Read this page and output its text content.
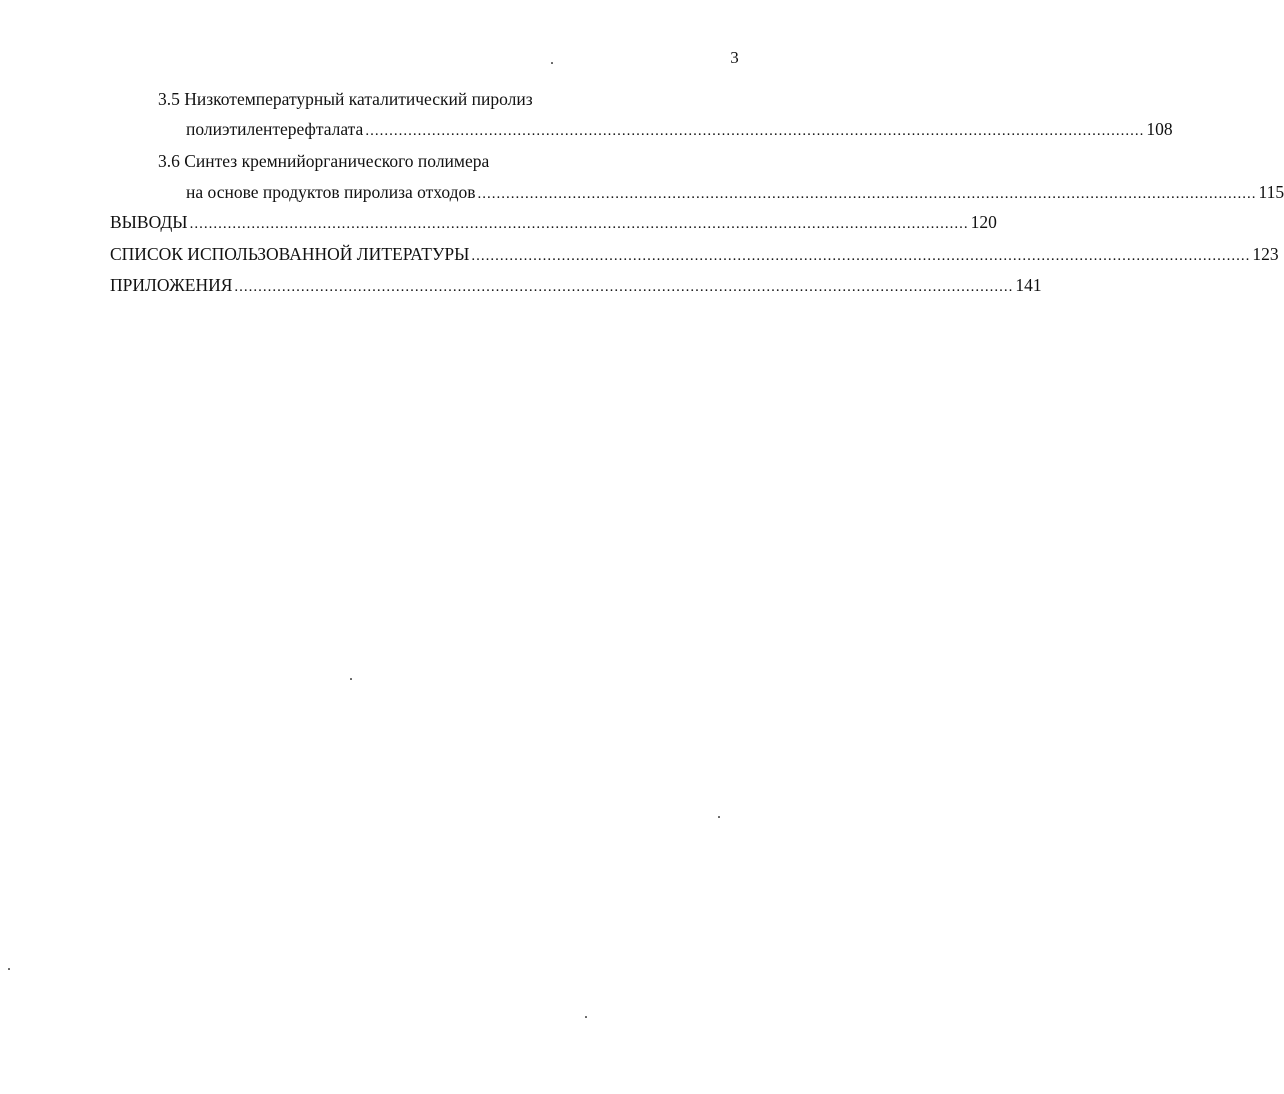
3
3.5 Низкотемпературный каталитический пиролиз
полиэтилентерефталата .................................................................................................................................................................... 108
3.6 Синтез кремнийорганического полимера
на основе продуктов пиролиза отходов .................................................................................................................................................................... 115
ВЫВОДЫ .................................................................................................................................................................... 120
СПИСОК ИСПОЛЬЗОВАННОЙ ЛИТЕРАТУРЫ .................................................................................................................................................................... 123
ПРИЛОЖЕНИЯ .................................................................................................................................................................... 141
